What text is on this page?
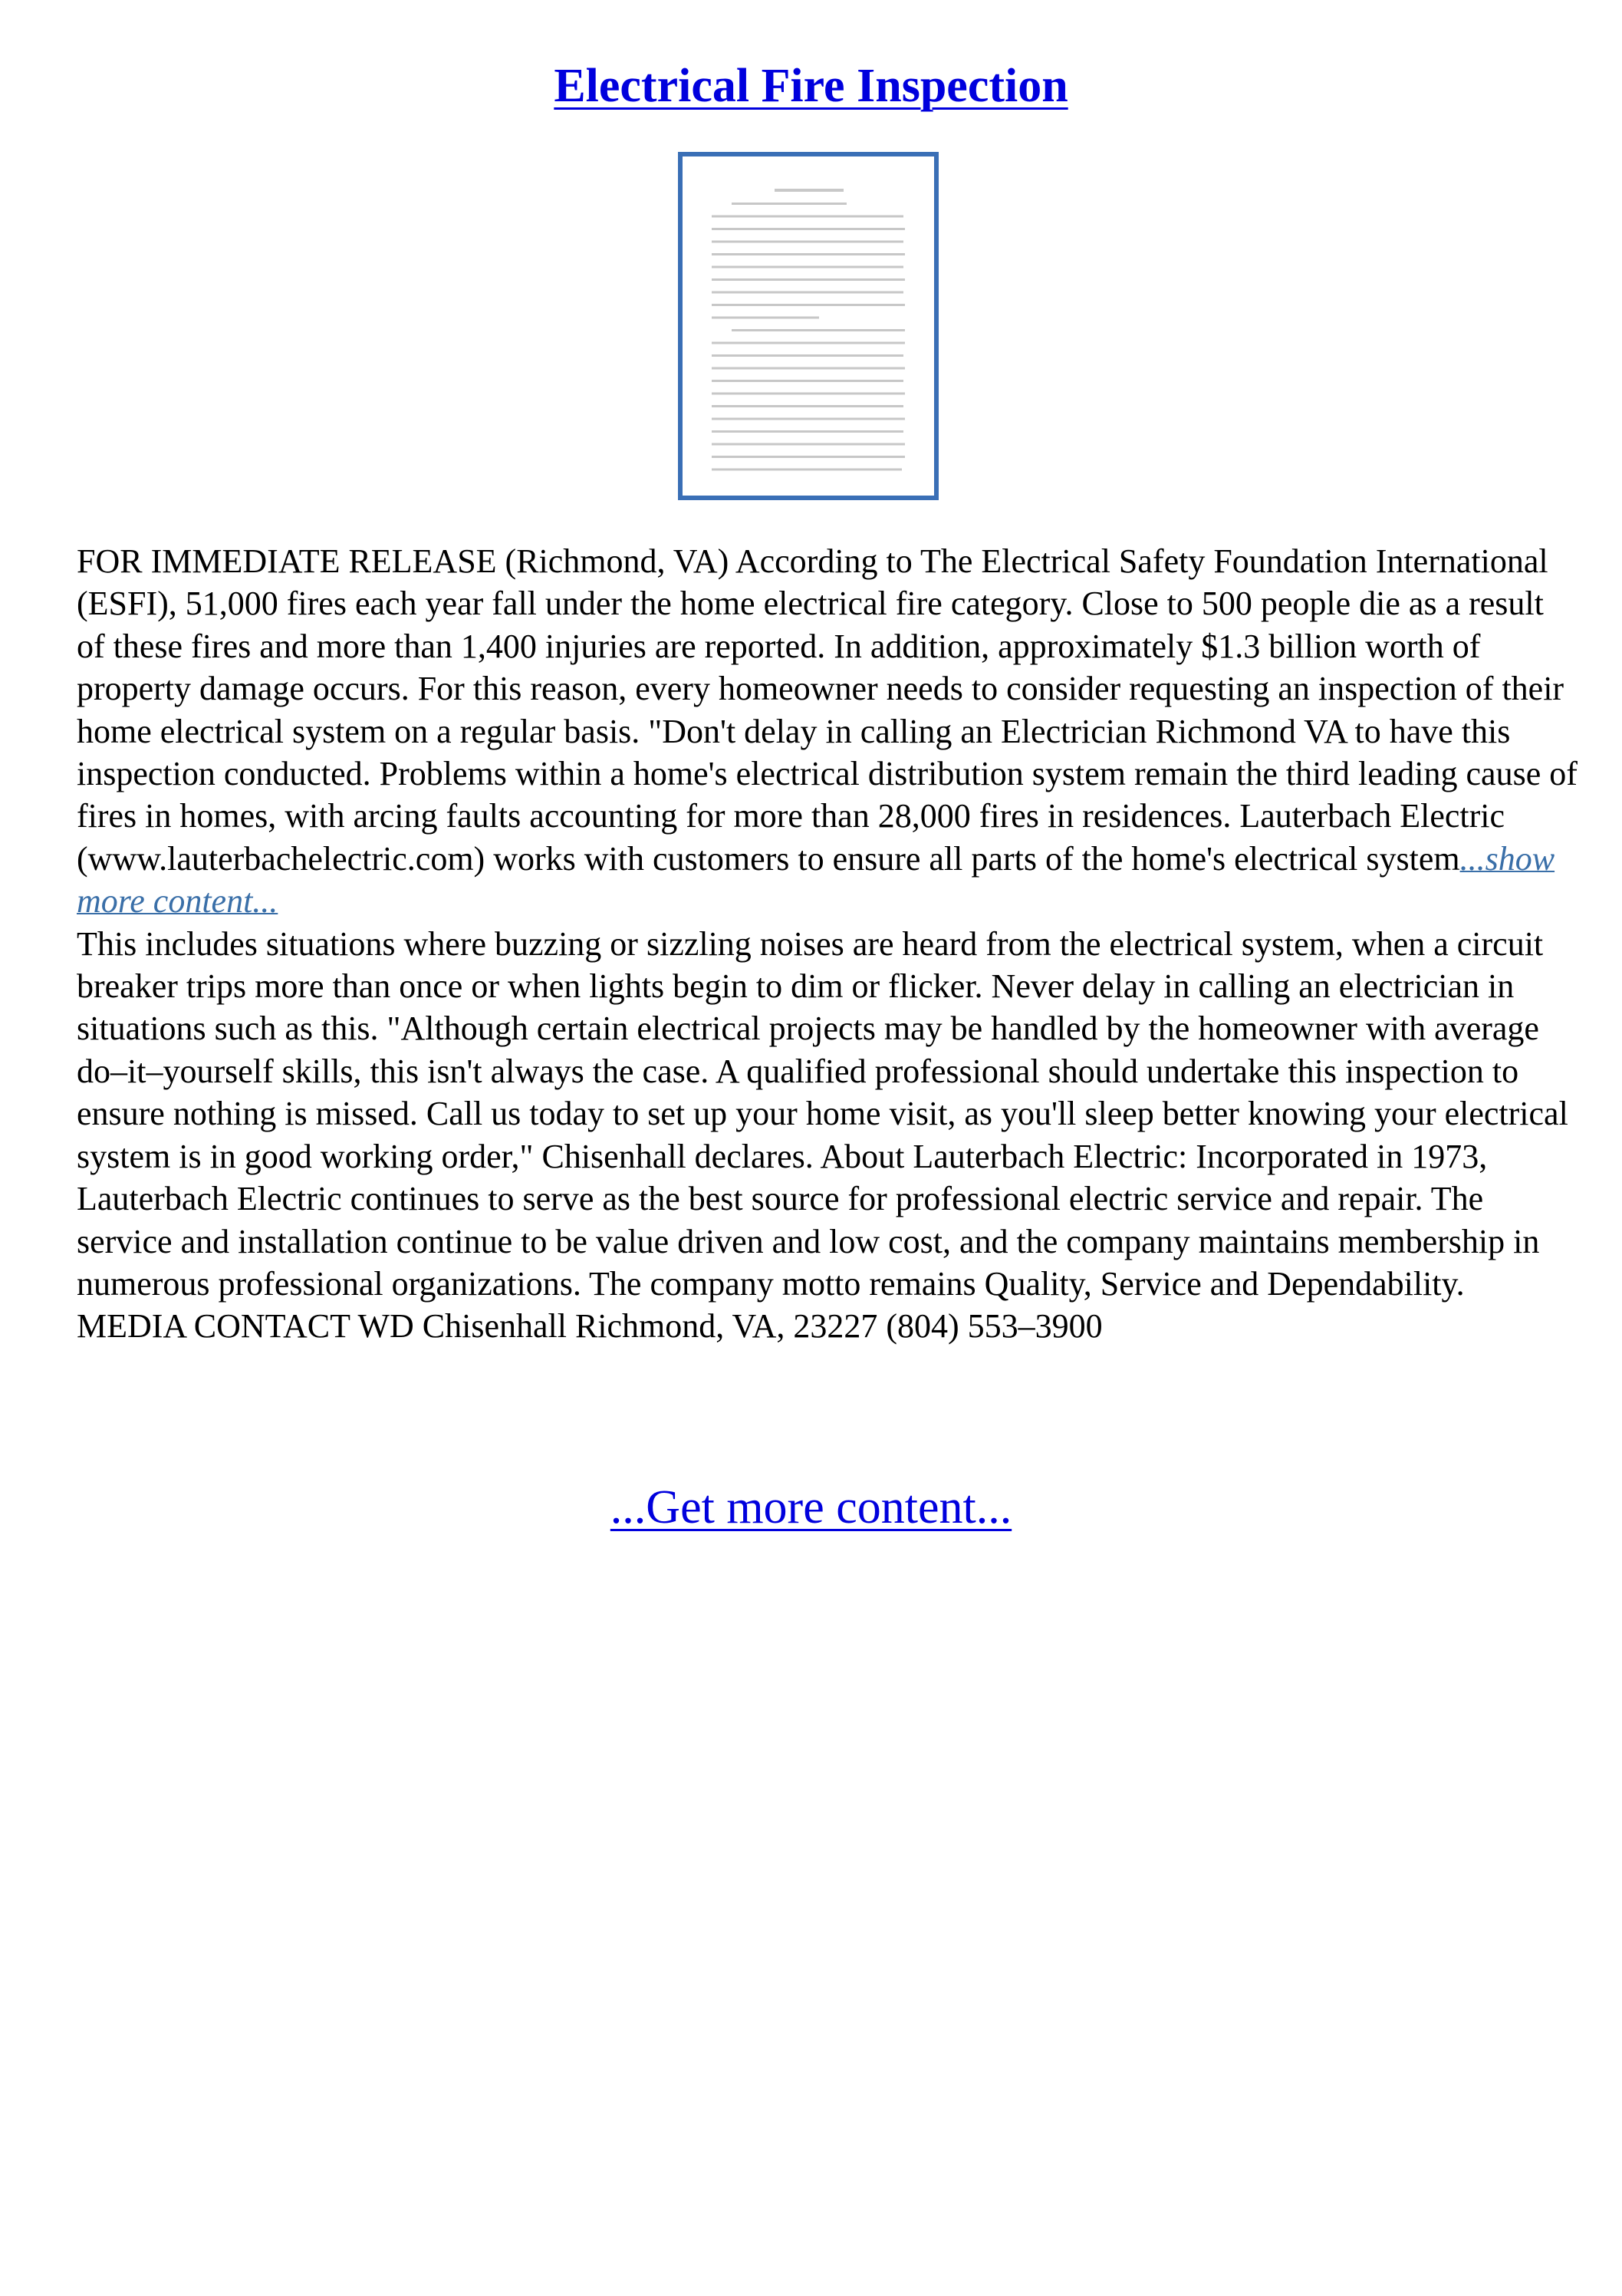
Electrical Fire Inspection

FOR IMMEDIATE RELEASE (Richmond, VA) According to The Electrical Safety Foundation International (ESFI), 51,000 fires each year fall under the home electrical fire category. Close to 500 people die as a result of these fires and more than 1,400 injuries are reported. In addition, approximately $1.3 billion worth of property damage occurs. For this reason, every homeowner needs to consider requesting an inspection of their home electrical system on a regular basis. "Don't delay in calling an Electrician Richmond VA to have this inspection conducted. Problems within a home's electrical distribution system remain the third leading cause of fires in homes, with arcing faults accounting for more than 28,000 fires in residences. Lauterbach Electric (www.lauterbachelectric.com) works with customers to ensure all parts of the home's electrical system...show more content...
This includes situations where buzzing or sizzling noises are heard from the electrical system, when a circuit breaker trips more than once or when lights begin to dim or flicker. Never delay in calling an electrician in situations such as this. "Although certain electrical projects may be handled by the homeowner with average do–it–yourself skills, this isn't always the case. A qualified professional should undertake this inspection to ensure nothing is missed. Call us today to set up your home visit, as you'll sleep better knowing your electrical system is in good working order," Chisenhall declares. About Lauterbach Electric: Incorporated in 1973, Lauterbach Electric continues to serve as the best source for professional electric service and repair. The service and installation continue to be value driven and low cost, and the company maintains membership in numerous professional organizations. The company motto remains Quality, Service and Dependability. MEDIA CONTACT WD Chisenhall Richmond, VA, 23227 (804) 553–3900

...Get more content...
